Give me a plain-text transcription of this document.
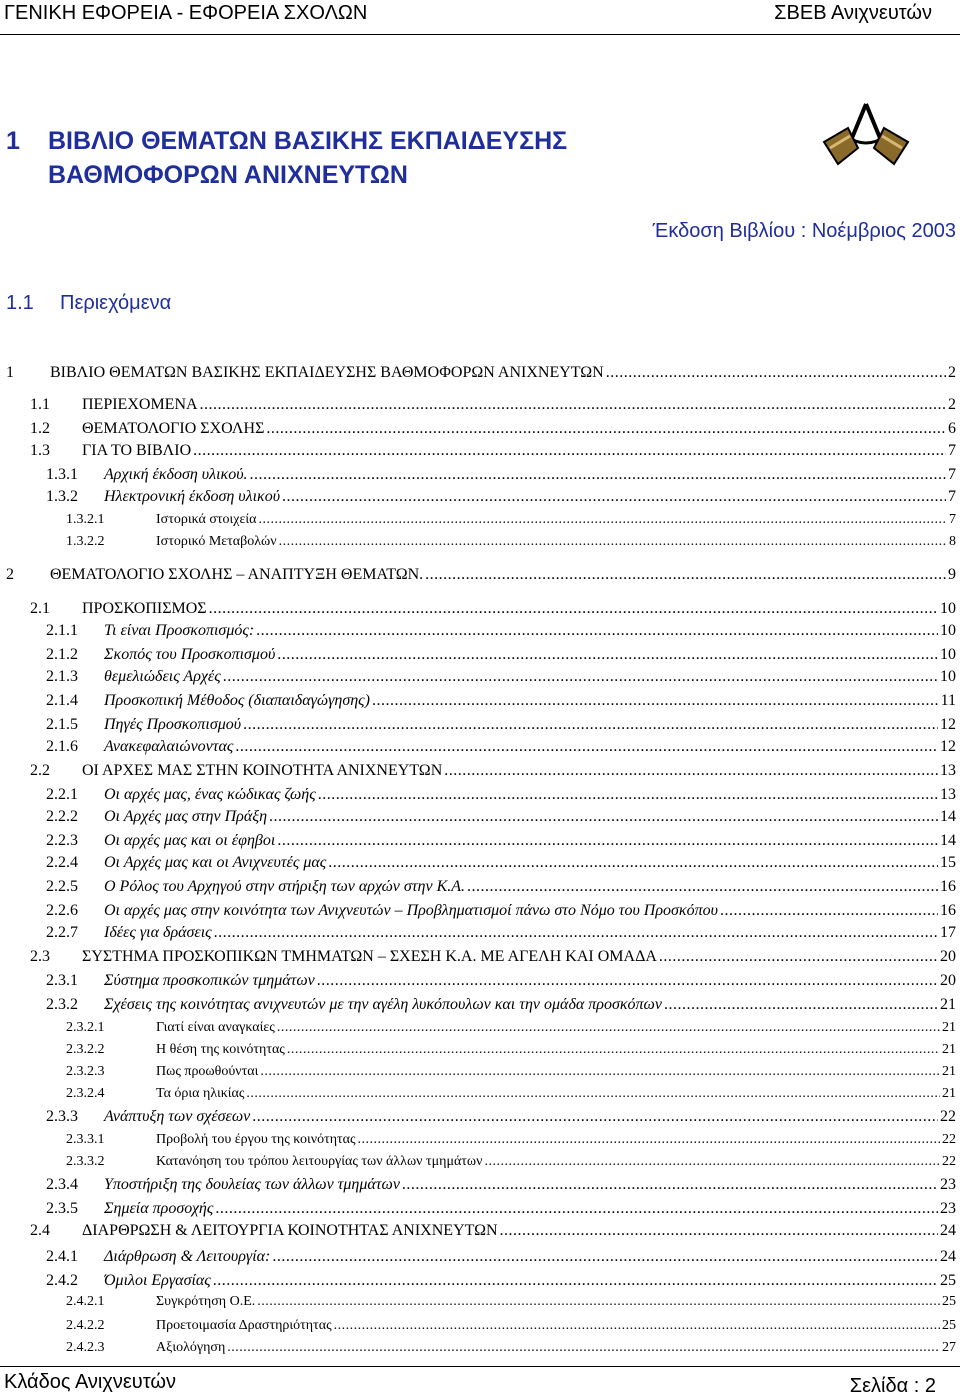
ΓΕΝΙΚΗ ΕΦΟΡΕΙΑ - ΕΦΟΡΕΙΑ ΣΧΟΛΩΝ	ΣΒΕΒ Ανιχνευτών
1 ΒΙΒΛΙΟ ΘΕΜΑΤΩΝ ΒΑΣΙΚΗΣ ΕΚΠΑΙΔΕΥΣΗΣ
ΒΑΘΜΟΦΟΡΩΝ ΑΝΙΧΝΕΥΤΩΝ
Έκδοση Βιβλίου : Νοέμβριος 2003
1.1 Περιεχόμενα
1	ΒΙΒΛΙΟ ΘΕΜΑΤΩΝ ΒΑΣΙΚΗΣ ΕΚΠΑΙΔΕΥΣΗΣ ΒΑΘΜΟΦΟΡΩΝ ΑΝΙΧΝΕΥΤΩΝ .....	2
1.1	ΠΕΡΙΕΧΟΜΕΝΑ .....	2
1.2	ΘΕΜΑΤΟΛΟΓΙΟ ΣΧΟΛΗΣ .....	6
1.3	ΓΙΑ ΤΟ ΒΙΒΛΙΟ .....	7
1.3.1	Αρχική έκδοση υλικού. .....	7
1.3.2	Ηλεκτρονική έκδοση υλικού .....	7
1.3.2.1	Ιστορικά στοιχεία .....	7
1.3.2.2	Ιστορικό Μεταβολών .....	8
2	ΘΕΜΑΤΟΛΟΓΙΟ ΣΧΟΛΗΣ – ΑΝΑΠΤΥΞΗ ΘΕΜΑΤΩΝ. .....	9
2.1	ΠΡΟΣΚΟΠΙΣΜΟΣ .....	10
2.1.1	Τι είναι Προσκοπισμός: .....	10
2.1.2	Σκοπός του Προσκοπισμού .....	10
2.1.3	θεμελιώδεις Αρχές .....	10
2.1.4	Προσκοπική Μέθοδος (διαπαιδαγώγησης) .....	11
2.1.5	Πηγές Προσκοπισμού .....	12
2.1.6	Ανακεφαλαιώνοντας .....	12
2.2	ΟΙ ΑΡΧΕΣ ΜΑΣ ΣΤΗΝ ΚΟΙΝΟΤΗΤΑ ΑΝΙΧΝΕΥΤΩΝ .....	13
2.2.1	Οι αρχές μας, ένας κώδικας ζωής .....	13
2.2.2	Οι Αρχές μας στην Πράξη .....	14
2.2.3	Οι αρχές μας και οι έφηβοι .....	14
2.2.4	Οι Αρχές μας και οι Ανιχνευτές μας .....	15
2.2.5	Ο Ρόλος του Αρχηγού στην στήριξη των αρχών στην Κ.Α. .....	16
2.2.6	Οι αρχές μας στην κοινότητα των Ανιχνευτών – Προβληματισμοί πάνω στο Νόμο του Προσκόπου .....	16
2.2.7	Ιδέες για δράσεις .....	17
2.3	ΣΥΣΤΗΜΑ ΠΡΟΣΚΟΠΙΚΩΝ ΤΜΗΜΑΤΩΝ – ΣΧΕΣΗ Κ.Α. ΜΕ ΑΓΕΛΗ ΚΑΙ ΟΜΑΔΑ .....	20
2.3.1	Σύστημα προσκοπικών τμημάτων .....	20
2.3.2	Σχέσεις της κοινότητας ανιχνευτών με την αγέλη λυκόπουλων και την ομάδα προσκόπων .....	21
2.3.2.1	Γιατί είναι αναγκαίες .....	21
2.3.2.2	Η θέση της κοινότητας .....	21
2.3.2.3	Πως προωθούνται .....	21
2.3.2.4	Τα όρια ηλικίας .....	21
2.3.3	Ανάπτυξη των σχέσεων .....	22
2.3.3.1	Προβολή του έργου της κοινότητας .....	22
2.3.3.2	Κατανόηση του τρόπου λειτουργίας των άλλων τμημάτων .....	22
2.3.4	Υποστήριξη της δουλείας των άλλων τμημάτων .....	23
2.3.5	Σημεία προσοχής .....	23
2.4	ΔΙΑΡΘΡΩΣΗ & ΛΕΙΤΟΥΡΓΙΑ ΚΟΙΝΟΤΗΤΑΣ ΑΝΙΧΝΕΥΤΩΝ .....	24
2.4.1	Διάρθρωση & Λειτουργία: .....	24
2.4.2	Όμιλοι Εργασίας .....	25
2.4.2.1	Συγκρότηση Ο.Ε. .....	25
2.4.2.2	Προετοιμασία Δραστηριότητας .....	25
2.4.2.3	Αξιολόγηση .....	27
Κλάδος Ανιχνευτών	Σελίδα : 2
